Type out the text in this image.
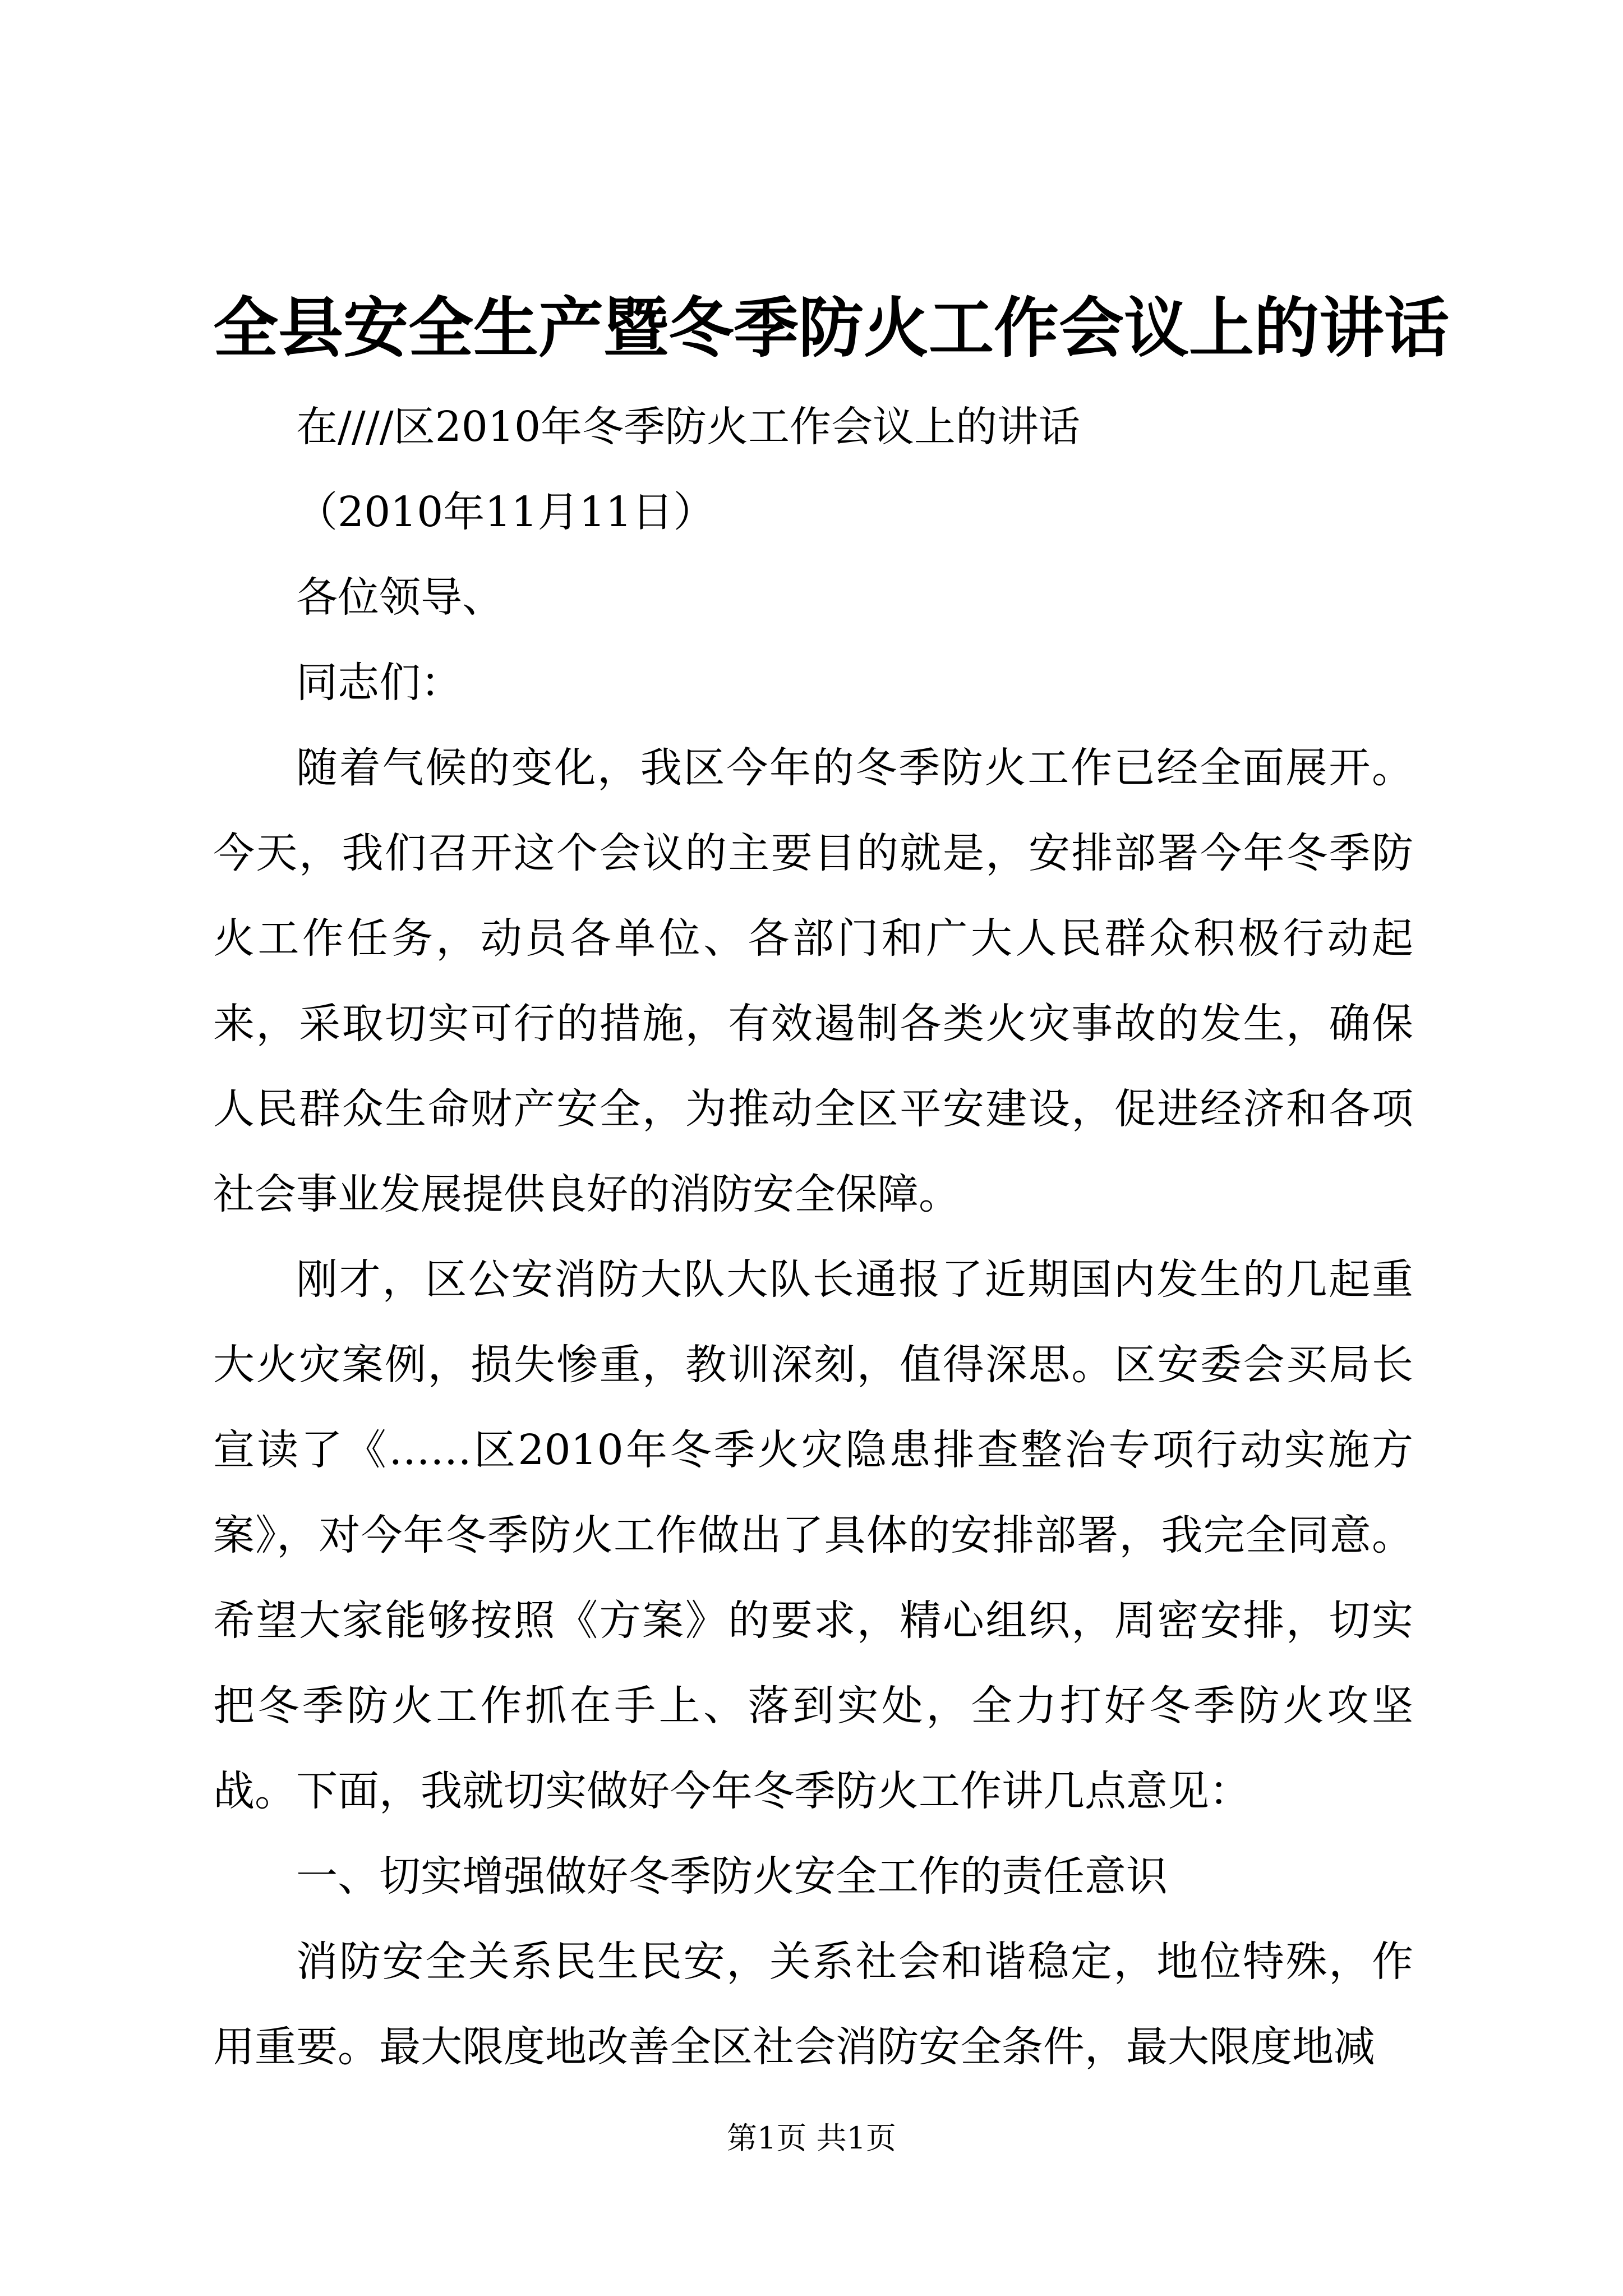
全县安全生产暨冬季防火工作会议上的讲话

在////区2010年冬季防火工作会议上的讲话

（2010年11月11日）

各位领导、

同志们：

随着气候的变化，我区今年的冬季防火工作已经全面展开。今天，我们召开这个会议的主要目的就是，安排部署今年冬季防火工作任务，动员各单位、各部门和广大人民群众积极行动起来，采取切实可行的措施，有效遏制各类火灾事故的发生，确保人民群众生命财产安全，为推动全区平安建设，促进经济和各项社会事业发展提供良好的消防安全保障。

刚才，区公安消防大队大队长通报了近期国内发生的几起重大火灾案例，损失惨重，教训深刻，值得深思。区安委会买局长宣读了《……区2010年冬季火灾隐患排查整治专项行动实施方案》，对今年冬季防火工作做出了具体的安排部署，我完全同意。希望大家能够按照《方案》的要求，精心组织，周密安排，切实把冬季防火工作抓在手上、落到实处，全力打好冬季防火攻坚战。下面，我就切实做好今年冬季防火工作讲几点意见：

一、切实增强做好冬季防火安全工作的责任意识

消防安全关系民生民安，关系社会和谐稳定，地位特殊，作用重要。最大限度地改善全区社会消防安全条件，最大限度地减

第1页 共1页
